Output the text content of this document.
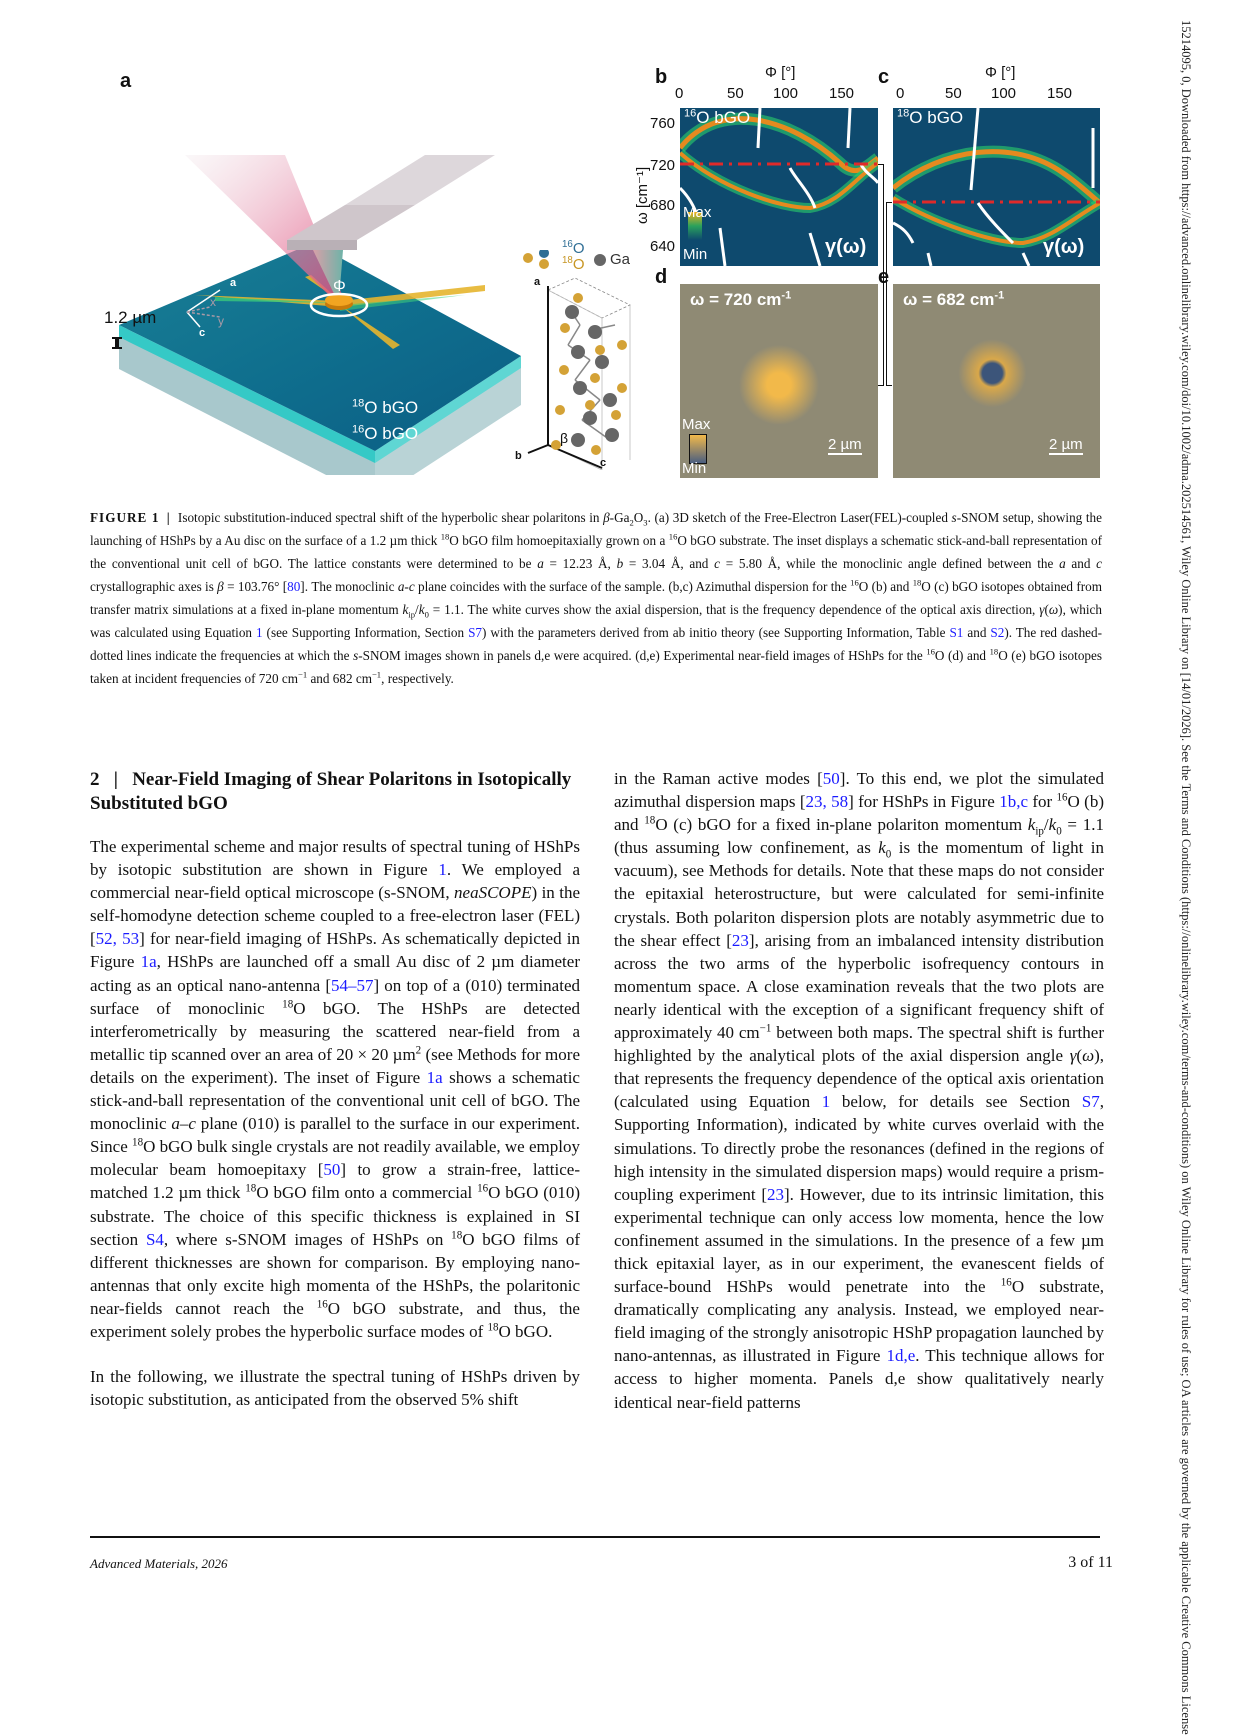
15214095, 0, Downloaded from https://advanced.onlinelibrary.wiley.com/doi/10.1002/adma.202514561, Wiley Online Library on [14/01/2026]. See the Terms and Conditions (https://onlinelibrary.wiley.com/terms-and-conditions) on Wiley Online Library for rules of use; OA articles are governed by the applicable Creative Commons License
a
1.2 µm
a
c
x
y
Φ
$^{18}$O bGO
$^{16}$O bGO
$^{16}$O
$^{18}$O Ga
a
b
c
β
b	Φ [°]
0	50 100 150
ω [cm⁻¹]
760
720
680
640
$^{16}$O bGO
Max
Min	γ(ω)
c	Φ [°]
0	50 100 150
$^{18}$O bGO
γ(ω)
d
ω = 720 $cm^{-1}$
Max
Min
2 µm
e
ω = 682 $cm^{-1}$
2 µm
FIGURE 1 | Isotopic substitution-induced spectral shift of the hyperbolic shear polaritons in $\beta-Ga_2O_3$. (a) 3D sketch of the Free-Electron Laser(FEL)-coupled s-SNOM setup, showing the launching of HShPs by a Au disc on the surface of a 1.2 µm thick $^{18}$O bGO film homoepitaxially grown on a $^{16}$O bGO substrate. The inset displays a schematic stick-and-ball representation of the conventional unit cell of bGO. The lattice constants were determined to be a = 12.23 Å, b = 3.04 Å, and c = 5.80 Å, while the monoclinic angle defined between the a and c crystallographic axes is β = 103.76° [80]. The monoclinic a-c plane coincides with the surface of the sample. (b,c) Azimuthal dispersion for the $^{16}$O (b) and $^{18}$O (c) bGO isotopes obtained from transfer matrix simulations at a fixed in-plane momentum $k_{ip}/k_0 = 1.1$. The white curves show the axial dispersion, that is the frequency dependence of the optical axis direction, γ(ω), which was calculated using Equation 1 (see Supporting Information, Section S7) with the parameters derived from ab initio theory (see Supporting Information, Table S1 and S2). The red dashed-dotted lines indicate the frequencies at which the s-SNOM images shown in panels d,e were acquired. (d,e) Experimental near-field images of HShPs for the $^{16}$O (d) and $^{18}$O (e) bGO isotopes taken at incident frequencies of 720 $cm^{-1}$ and 682 $cm^{-1}$, respectively.
2 | Near-Field Imaging of Shear Polaritons in Isotopically Substituted bGO

The experimental scheme and major results of spectral tuning of HShPs by isotopic substitution are shown in Figure 1. We employed a commercial near-field optical microscope (s-SNOM, neaSCOPE) in the self-homodyne detection scheme coupled to a free-electron laser (FEL) [52, 53] for near-field imaging of HShPs. As schematically depicted in Figure 1a, HShPs are launched off a small Au disc of 2 µm diameter acting as an optical nano-antenna [54–57] on top of a (010) terminated surface of monoclinic $^{18}$O bGO. The HShPs are detected interferometrically by measuring the scattered near-field from a metallic tip scanned over an area of 20 × 20 µm$^2$ (see Methods for more details on the experiment). The inset of Figure 1a shows a schematic stick-and-ball representation of the conventional unit cell of bGO. The monoclinic a–c plane (010) is parallel to the surface in our experiment. Since $^{18}$O bGO bulk single crystals are not readily available, we employ molecular beam homoepitaxy [50] to grow a strain-free, lattice-matched 1.2 µm thick $^{18}$O bGO film onto a commercial $^{16}$O bGO (010) substrate. The choice of this specific thickness is explained in SI section S4, where s-SNOM images of HShPs on $^{18}$O bGO films of different thicknesses are shown for comparison. By employing nano-antennas that only excite high momenta of the HShPs, the polaritonic near-fields cannot reach the $^{16}$O bGO substrate, and thus, the experiment solely probes the hyperbolic surface modes of $^{18}$O bGO.

In the following, we illustrate the spectral tuning of HShPs driven by isotopic substitution, as anticipated from the observed 5% shift

in the Raman active modes [50]. To this end, we plot the simulated azimuthal dispersion maps [23, 58] for HShPs in Figure 1b,c for $^{16}$O (b) and $^{18}$O (c) bGO for a fixed in-plane polariton momentum $k_{ip}/k_0 = 1.1$ (thus assuming low confinement, as $k_0$ is the momentum of light in vacuum), see Methods for details. Note that these maps do not consider the epitaxial heterostructure, but were calculated for semi-infinite crystals. Both polariton dispersion plots are notably asymmetric due to the shear effect [23], arising from an imbalanced intensity distribution across the two arms of the hyperbolic isofrequency contours in momentum space. A close examination reveals that the two plots are nearly identical with the exception of a significant frequency shift of approximately 40 $cm^{-1}$ between both maps. The spectral shift is further highlighted by the analytical plots of the axial dispersion angle γ(ω), that represents the frequency dependence of the optical axis orientation (calculated using Equation 1 below, for details see Section S7, Supporting Information), indicated by white curves overlaid with the simulations. To directly probe the resonances (defined in the regions of high intensity in the simulated dispersion maps) would require a prism-coupling experiment [23]. However, due to its intrinsic limitation, this experimental technique can only access low momenta, hence the low confinement assumed in the simulations. In the presence of a few µm thick epitaxial layer, as in our experiment, the evanescent fields of surface-bound HShPs would penetrate into the $^{16}$O substrate, dramatically complicating any analysis. Instead, we employed near-field imaging of the strongly anisotropic HShP propagation launched by nano-antennas, as illustrated in Figure 1d,e. This technique allows for access to higher momenta. Panels d,e show qualitatively nearly identical near-field patterns

Advanced Materials, 2026	3 of 11
